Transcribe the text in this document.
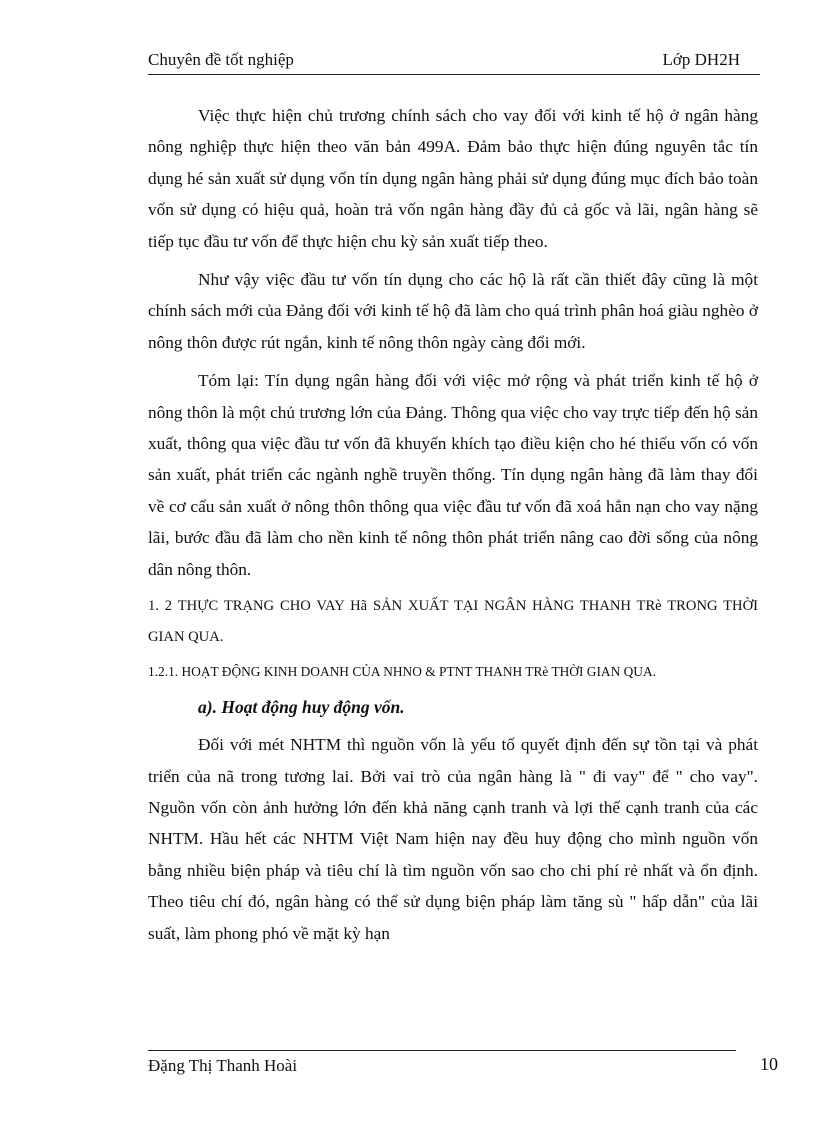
Chuyên đề tốt nghiệp	Lớp DH2H

Việc thực hiện chủ trương chính sách cho vay đối với kinh tế hộ ở ngân hàng nông nghiệp thực hiện theo văn bản 499A. Đảm bảo thực hiện đúng nguyên tắc tín dụng hé sản xuất sử dụng vốn tín dụng ngân hàng phải sử dụng đúng mục đích bảo toàn vốn sử dụng có hiệu quả, hoàn trả vốn ngân hàng đầy đủ cả gốc và lãi, ngân hàng sẽ tiếp tục đầu tư vốn để thực hiện chu kỳ sản xuất tiếp theo.

Như vậy việc đầu tư vốn tín dụng cho các hộ là rất cần thiết đây cũng là một chính sách mới của Đảng đối với kinh tế hộ đã làm cho quá trình phân hoá giàu nghèo ở nông thôn được rút ngắn, kinh tế nông thôn ngày càng đổi mới.

Tóm lại: Tín dụng ngân hàng đối với việc mở rộng và phát triển kinh tế hộ ở nông thôn là một chủ trương lớn của Đảng. Thông qua việc cho vay trực tiếp đến hộ sản xuất, thông qua việc đầu tư vốn đã khuyến khích tạo điều kiện cho hé thiếu vốn có vốn sản xuất, phát triển các ngành nghề truyền thống. Tín dụng ngân hàng đã làm thay đổi về cơ cấu sản xuất ở nông thôn thông qua việc đầu tư vốn đã xoá hẳn nạn cho vay nặng lãi, bước đầu đã làm cho nền kinh tế nông thôn phát triển nâng cao đời sống của nông dân nông thôn.

1. 2 THỰC TRẠNG CHO VAY Hã SẢN XUẤT TẠI NGÂN HÀNG THANH TRè TRONG THỜI GIAN QUA.
1.2.1. HOẠT ĐỘNG KINH DOANH CỦA NHNO & PTNT THANH TRè THỜI GIAN QUA.
a). Hoạt động huy động vốn.

Đối với mét NHTM thì nguồn vốn là yếu tố quyết định đến sự tồn tại và phát triển của nã trong tương lai. Bởi vai trò của ngân hàng là " đi vay" để " cho vay". Nguồn vốn còn ảnh hưởng lớn đến khả năng cạnh tranh và lợi thế cạnh tranh của các NHTM. Hầu hết các NHTM Việt Nam hiện nay đều huy động cho mình nguồn vốn bằng nhiều biện pháp và tiêu chí là tìm nguồn vốn sao cho chi phí rẻ nhất và ổn định. Theo tiêu chí đó, ngân hàng có thể sử dụng biện pháp làm tăng sù " hấp dẫn" của lãi suất, làm phong phó về mặt kỳ hạn

Đặng Thị Thanh Hoài	10
